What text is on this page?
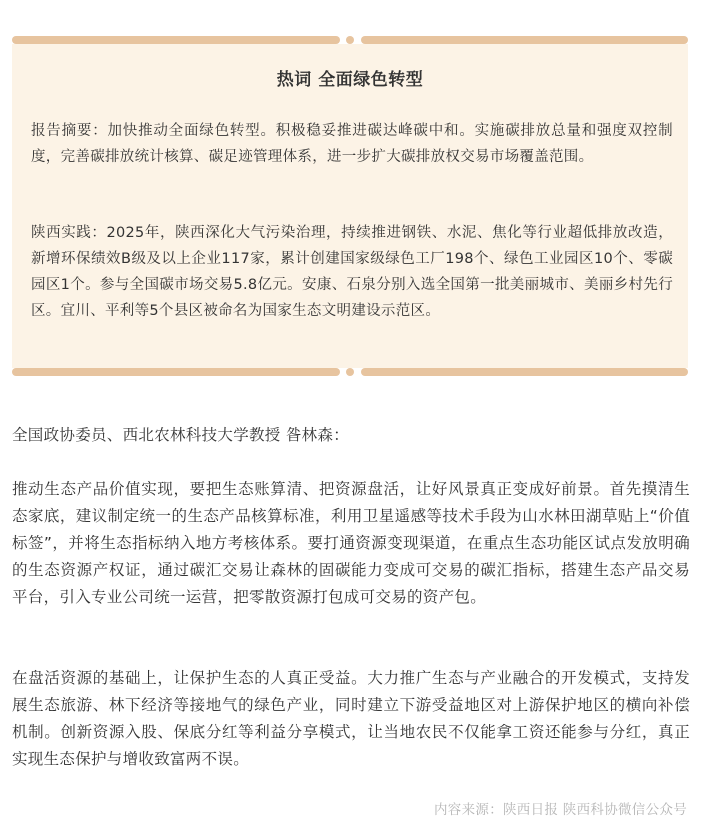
热词 全面绿色转型
报告摘要：加快推动全面绿色转型。积极稳妥推进碳达峰碳中和。实施碳排放总量和强度双控制度，完善碳排放统计核算、碳足迹管理体系，进一步扩大碳排放权交易市场覆盖范围。
陕西实践：2025年，陕西深化大气污染治理，持续推进钢铁、水泥、焦化等行业超低排放改造，新增环保绩效B级及以上企业117家，累计创建国家级绿色工厂198个、绿色工业园区10个、零碳园区1个。参与全国碳市场交易5.8亿元。安康、石泉分别入选全国第一批美丽城市、美丽乡村先行区。宜川、平利等5个县区被命名为国家生态文明建设示范区。
全国政协委员、西北农林科技大学教授 昝林森：
推动生态产品价值实现，要把生态账算清、把资源盘活，让好风景真正变成好前景。首先摸清生态家底，建议制定统一的生态产品核算标准，利用卫星遥感等技术手段为山水林田湖草贴上“价值标签”，并将生态指标纳入地方考核体系。要打通资源变现渠道，在重点生态功能区试点发放明确的生态资源产权证，通过碳汇交易让森林的固碳能力变成可交易的碳汇指标，搭建生态产品交易平台，引入专业公司统一运营，把零散资源打包成可交易的资产包。
在盘活资源的基础上，让保护生态的人真正受益。大力推广生态与产业融合的开发模式，支持发展生态旅游、林下经济等接地气的绿色产业，同时建立下游受益地区对上游保护地区的横向补偿机制。创新资源入股、保底分红等利益分享模式，让当地农民不仅能拿工资还能参与分红，真正实现生态保护与增收致富两不误。
内容来源：陕西日报 陕西科协微信公众号
